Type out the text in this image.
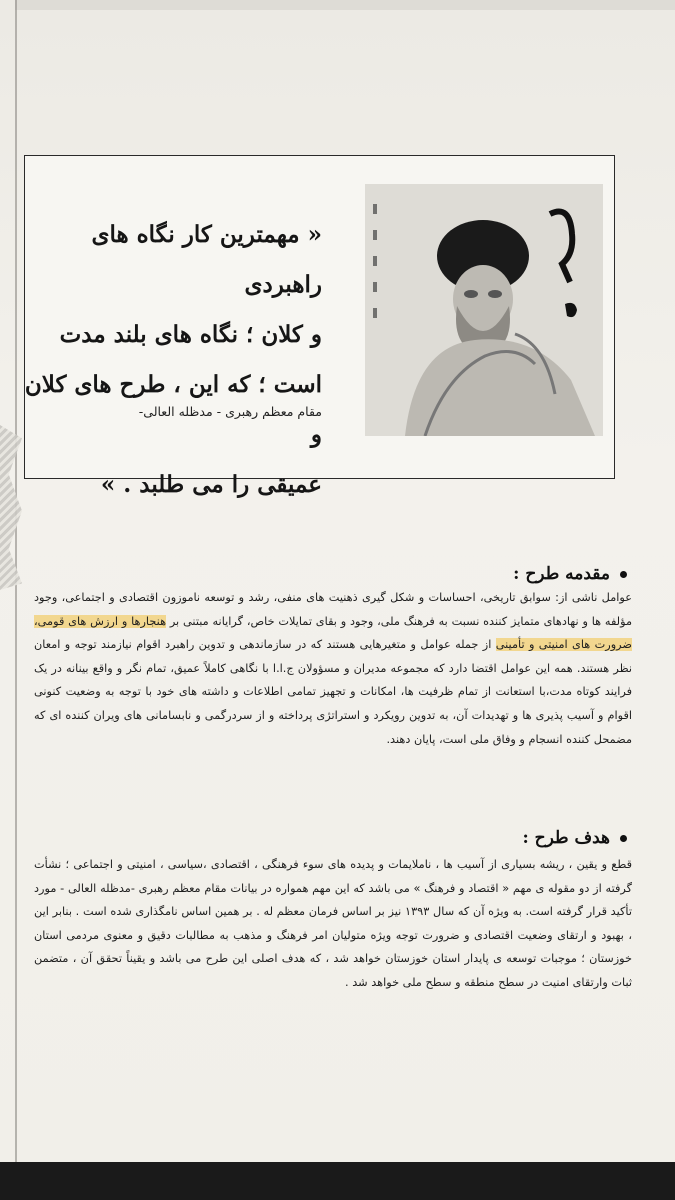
« مهمترین کار نگاه های راهبردی
و کلان ؛ نگاه های بلند مدت
است ؛ که این ، طرح های کلان و
عمیقی را می طلبد . »
مقام معظم رهبری - مدظله العالی-
مقدمه طرح :
عوامل ناشی از: سوابق تاریخی، احساسات و شکل گیری ذهنیت های منفی، رشد و توسعه ناموزون اقتصادی و اجتماعی، وجود مؤلفه ها و نهادهای متمایز کننده نسبت به فرهنگ ملی، وجود و بقای تمایلات خاص، گرایانه مبتنی بر هنجارها و ارزش های قومی، ضرورت های امنیتی و تأمینی از جمله عوامل و متغیرهایی هستند که در سازماندهی و تدوین راهبرد اقوام نیازمند توجه و امعان نظر هستند. همه این عوامل اقتضا دارد که مجموعه مدیران و مسؤولان ج.ا.ا با نگاهی کاملاً عمیق، تمام نگر و واقع بینانه در یک فرایند کوتاه مدت،با استعانت از تمام ظرفیت ها، امکانات و تجهیز تمامی اطلاعات و داشته های خود با توجه به وضعیت کنونی اقوام و آسیب پذیری ها و تهدیدات آن، به تدوین رویکرد و استراتژی پرداخته و از سردرگمی و نابسامانی های ویران کننده ای که مضمحل کننده انسجام و وفاق ملی است، پایان دهند.
هدف طرح :
قطع و یقین ، ریشه بسیاری از آسیب ها ، ناملایمات و پدیده های سوء فرهنگی ، اقتصادی ،سیاسی ، امنیتی و اجتماعی ؛ نشأت گرفته از دو مقوله ی مهم « اقتصاد و فرهنگ » می باشد که این مهم همواره در بیانات مقام معظم رهبری -مدظله العالی - مورد تأکید قرار گرفته است. به ویژه آن که سال ۱۳۹۳ نیز بر اساس فرمان معظم له . بر همین اساس نامگذاری شده است . بنابر این ، بهبود و ارتقای وضعیت اقتصادی و ضرورت توجه ویژه متولیان امر فرهنگ و مذهب به مطالبات دقیق و معنوی مردمی استان خوزستان ؛ موجبات توسعه ی پایدار استان خوزستان خواهد شد ، که هدف اصلی این طرح می باشد و یقیناً تحقق آن ، متضمن ثبات وارتقای امنیت در سطح منطقه و سطح ملی خواهد شد .
